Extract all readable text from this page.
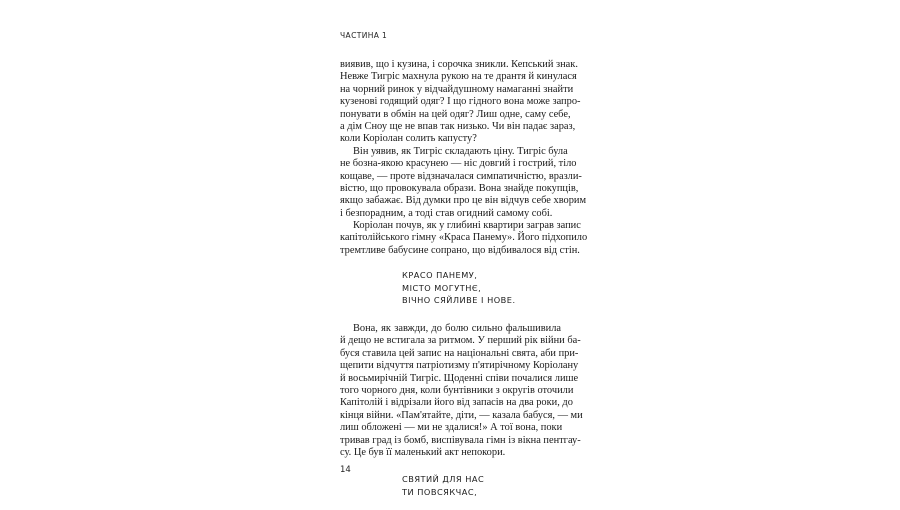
ЧАСТИНА 1
виявив, що і кузина, і сорочка зникли. Кепський знак.
Невже Тигріс махнула рукою на те дрантя й кинулася
на чорний ринок у відчайдушному намаганні знайти
кузенові годящий одяг? І що гідного вона може запро-
понувати в обмін на цей одяг? Лиш одне, саму себе,
а дім Сноу ще не впав так низько. Чи він падає зараз,
коли Коріолан солить капусту?
Він уявив, як Тигріс складають ціну. Тигріс була
не бозна-якою красунею — ніс довгий і гострий, тіло
кощаве, — проте відзначалася симпатичністю, вразли-
вістю, що провокувала образи. Вона знайде покупців,
якщо забажає. Від думки про це він відчув себе хворим
і безпорадним, а тоді став огидний самому собі.
Коріолан почув, як у глибині квартири заграв запис
капітолійського гімну «Краса Панему». Його підхопило
тремтливе бабусине сопрано, що відбивалося від стін.
КРАСО ПАНЕМУ,
МІСТО МОГУТНЄ,
ВІЧНО СЯЙЛИВЕ І НОВЕ.
Вона, як завжди, до болю сильно фальшивила
й дещо не встигала за ритмом. У перший рік війни ба-
буся ставила цей запис на національні свята, аби при-
щепити відчуття патріотизму п'ятирічному Коріолану
й восьмирічній Тигріс. Щоденні співи почалися лише
того чорного дня, коли бунтівники з округів оточили
Капітолій і відрізали його від запасів на два роки, до
кінця війни. «Пам'ятайте, діти, — казала бабуся, — ми
лиш обложені — ми не здалися!» А тої вона, поки
тривав град із бомб, виспівувала гімн із вікна пентгау-
су. Це був її маленький акт непокори.
СВЯТИЙ ДЛЯ НАС
ТИ ПОВСЯКЧАС,
14
